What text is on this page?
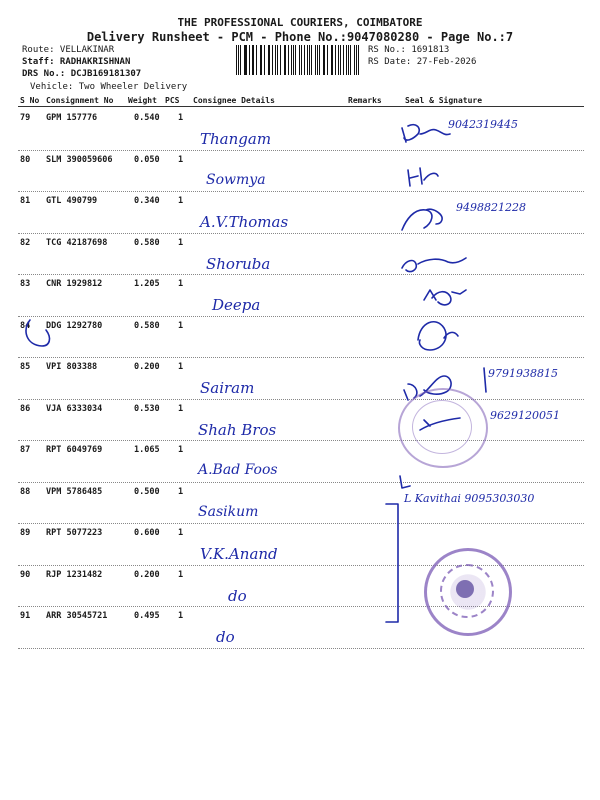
THE PROFESSIONAL COURIERS, COIMBATORE
Delivery Runsheet - PCM - Phone No.:9047080280 - Page No.:7
Route: VELLAKINAR
Staff: RADHAKRISHNAN
DRS No.: DCJB169181307
Vehicle: Two Wheeler Delivery
RS No.: 1691813
RS Date: 27-Feb-2026
S No Consignment No Weight PCS Consignee Details	Remarks	Seal & Signature
79 GPM 157776	0.540 1
Thangam
9042319445
80 SLM 390059606	0.050 1
Sowmya
81 GTL 490799	0.340 1
A.V.Thomas
9498821228
82 TCG 42187698	0.580 1
Shoruba
83 CNR 1929812	1.205 1
Deepa
84 DDG 1292780	0.580 1
85 VPI 803388	0.200 1
Sairam
9791938815
86 VJA 6333034	0.530 1
Shah Bros
9629120051
87 RPT 6049769	1.065 1
A.Bad Foos
88 VPM 5786485	0.500 1
Sasikum
L Kavithai 9095303030
89 RPT 5077223	0.600 1
V.K.Anand
90 RJP 1231482	0.200 1
do
91 ARR 30545721	0.495 1
do
